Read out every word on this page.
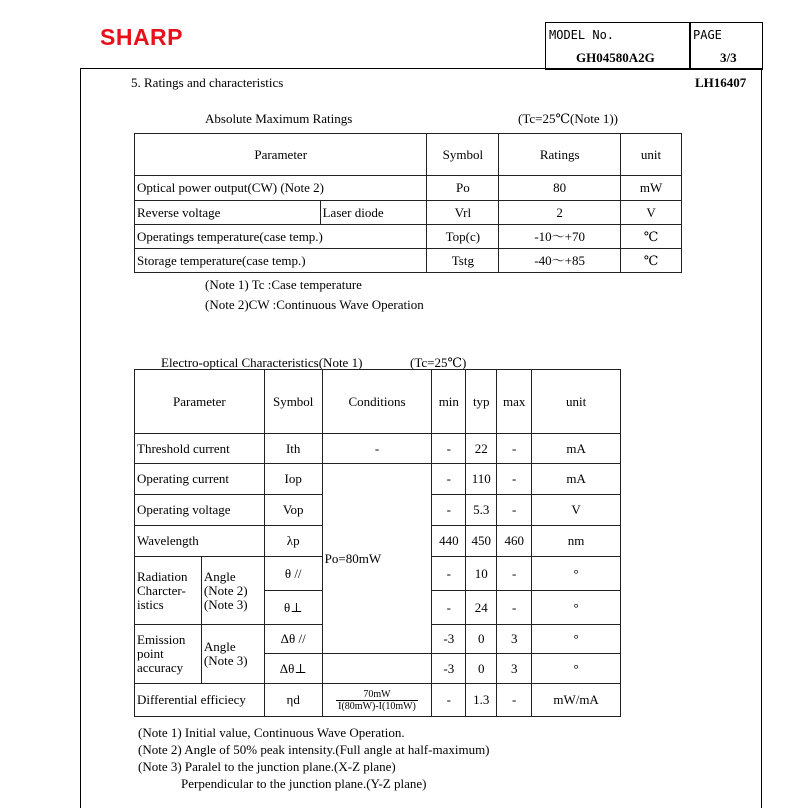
SHARP	MODEL No.
GH04580A2G
PAGE
3/3
5. Ratings and characteristics	LH16407
Absolute Maximum Ratings	(Tc=25℃(Note 1))
Parameter		Symbol	Ratings	unit
Optical power output(CW) (Note 2)		Po	80	mW
Reverse voltage	Laser diode	Vrl	2	V
Operatings temperature(case temp.)		Top(c)	-10～+70	℃
Storage temperature(case temp.)		Tstg	-40～+85	℃
(Note 1) Tc :Case temperature
(Note 2)CW :Continuous Wave Operation
Electro-optical Characteristics(Note 1)	(Tc=25℃)
Parameter		Symbol	Conditions	min	typ	max	unit
Threshold current		Ith	-	-	22	-	mA
Operating current		Iop	Po=80mW	-	110	-	mA
Operating voltage		Vop		-	5.3	-	V
Wavelength		λp		440	450	460	nm
Radiation
Charcter-
istics	Angle
(Note 2)
(Note 3)	θ //		-	10	-	°
		θ⊥		-	24	-	°
Emission
point
accuracy	Angle
(Note 3)	Δθ //		-3	0	3	°
		Δθ⊥		-3	0	3	°
Differential efficiecy		ηd	$\frac{70mW}{I(80mW)-I(10mW)}$	-	1.3	-	mW/mA
(Note 1) Initial value, Continuous Wave Operation.
(Note 2) Angle of 50% peak intensity.(Full angle at half-maximum)
(Note 3) Paralel to the junction plane.(X-Z plane)
Perpendicular to the junction plane.(Y-Z plane)
